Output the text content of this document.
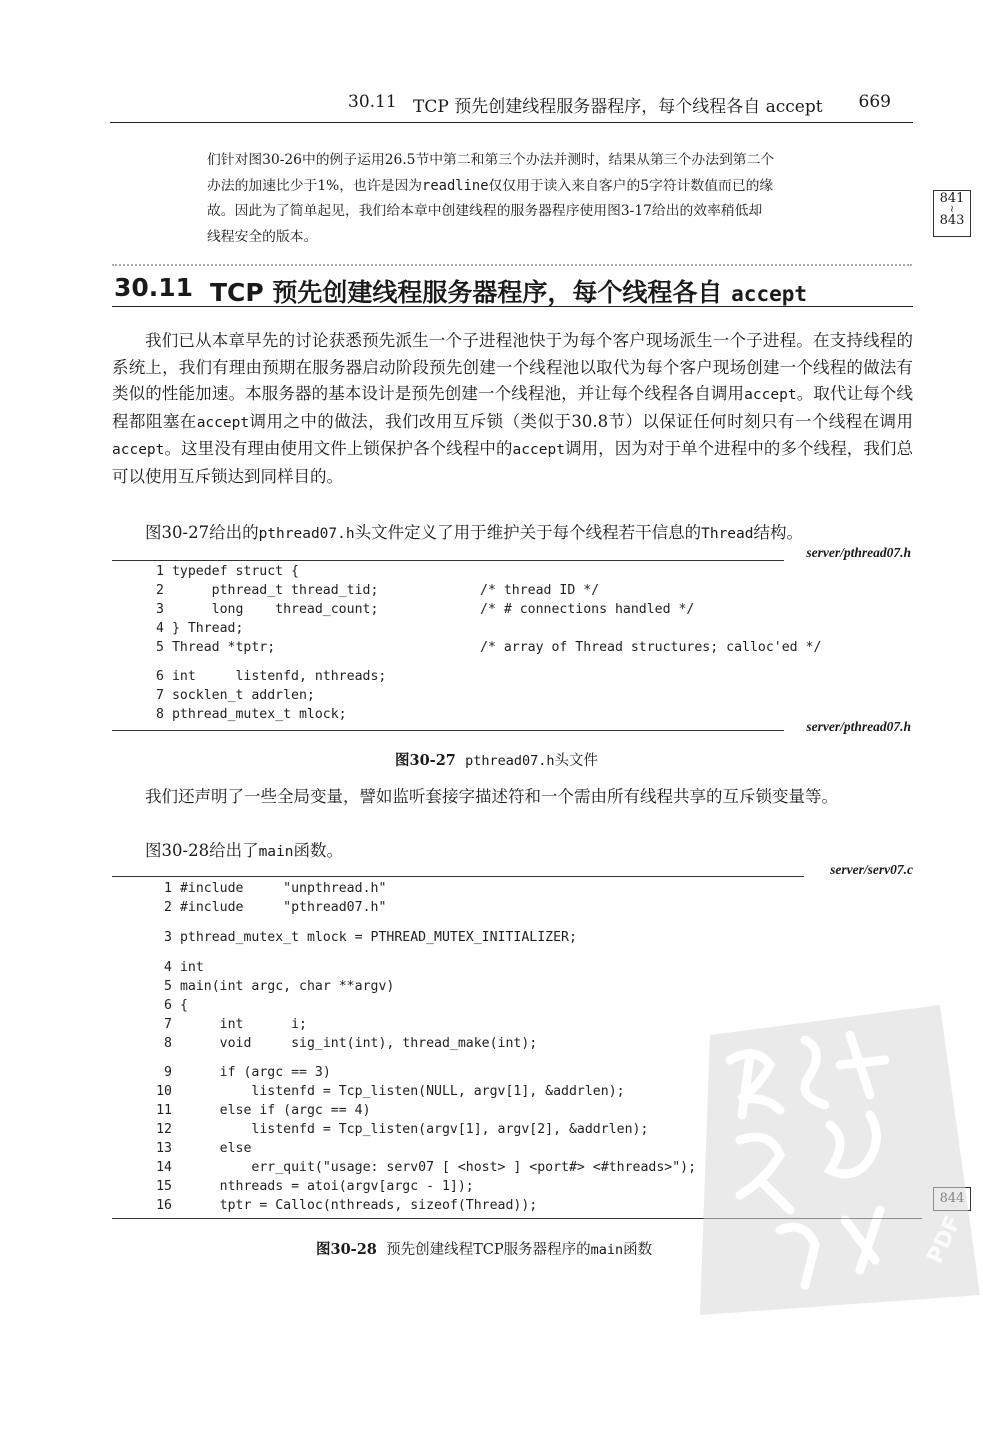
30.11 TCP 预先创建线程服务器程序，每个线程各自 accept 669
们针对图30-26中的例子运用26.5节中第二和第三个办法并测时，结果从第三个办法到第二个
办法的加速比少于1%，也许是因为readline仅仅用于读入来自客户的5字符计数值而已的缘
故。因此为了简单起见，我们给本章中创建线程的服务器程序使用图3-17给出的效率稍低却
线程安全的版本。
841
≀
843
30.11 TCP 预先创建线程服务器程序，每个线程各自 accept
我们已从本章早先的讨论获悉预先派生一个子进程池快于为每个客户现场派生一个子进程。在支持线程的系统上，我们有理由预期在服务器启动阶段预先创建一个线程池以取代为每个客户现场创建一个线程的做法有类似的性能加速。本服务器的基本设计是预先创建一个线程池，并让每个线程各自调用accept。取代让每个线程都阻塞在accept调用之中的做法，我们改用互斥锁（类似于30.8节）以保证任何时刻只有一个线程在调用accept。这里没有理由使用文件上锁保护各个线程中的accept调用，因为对于单个进程中的多个线程，我们总可以使用互斥锁达到同样目的。
图30-27给出的pthread07.h头文件定义了用于维护关于每个线程若干信息的Thread结构。
server/pthread07.h

1 typedef struct {

2      pthread_t thread_tid;

	/* thread ID */

3      long    thread_count;

	/* # connections handled */

4 } Thread;

5 Thread *tptr;

	/* array of Thread structures; calloc'ed */

6 int     listenfd, nthreads;

7 socklen_t addrlen;

8 pthread_mutex_t mlock;

server/pthread07.h
图30-27 pthread07.h头文件
我们还声明了一些全局变量，譬如监听套接字描述符和一个需由所有线程共享的互斥锁变量等。
图30-28给出了main函数。
server/serv07.c

1 #include     "unpthread.h"

2 #include     "pthread07.h"

3 pthread_mutex_t mlock = PTHREAD_MUTEX_INITIALIZER;

4 int

5 main(int argc, char **argv)

6 {

7      int      i;

8      void     sig_int(int), thread_make(int);

9      if (argc == 3)

10          listenfd = Tcp_listen(NULL, argv[1], &addrlen);

11      else if (argc == 4)

12          listenfd = Tcp_listen(argv[1], argv[2], &addrlen);

13      else

14          err_quit("usage: serv07 [ <host> ] <port#> <#threads>");

15      nthreads = atoi(argv[argc - 1]);

16      tptr = Calloc(nthreads, sizeof(Thread));

图30-28 预先创建线程TCP服务器程序的main函数	PDF
